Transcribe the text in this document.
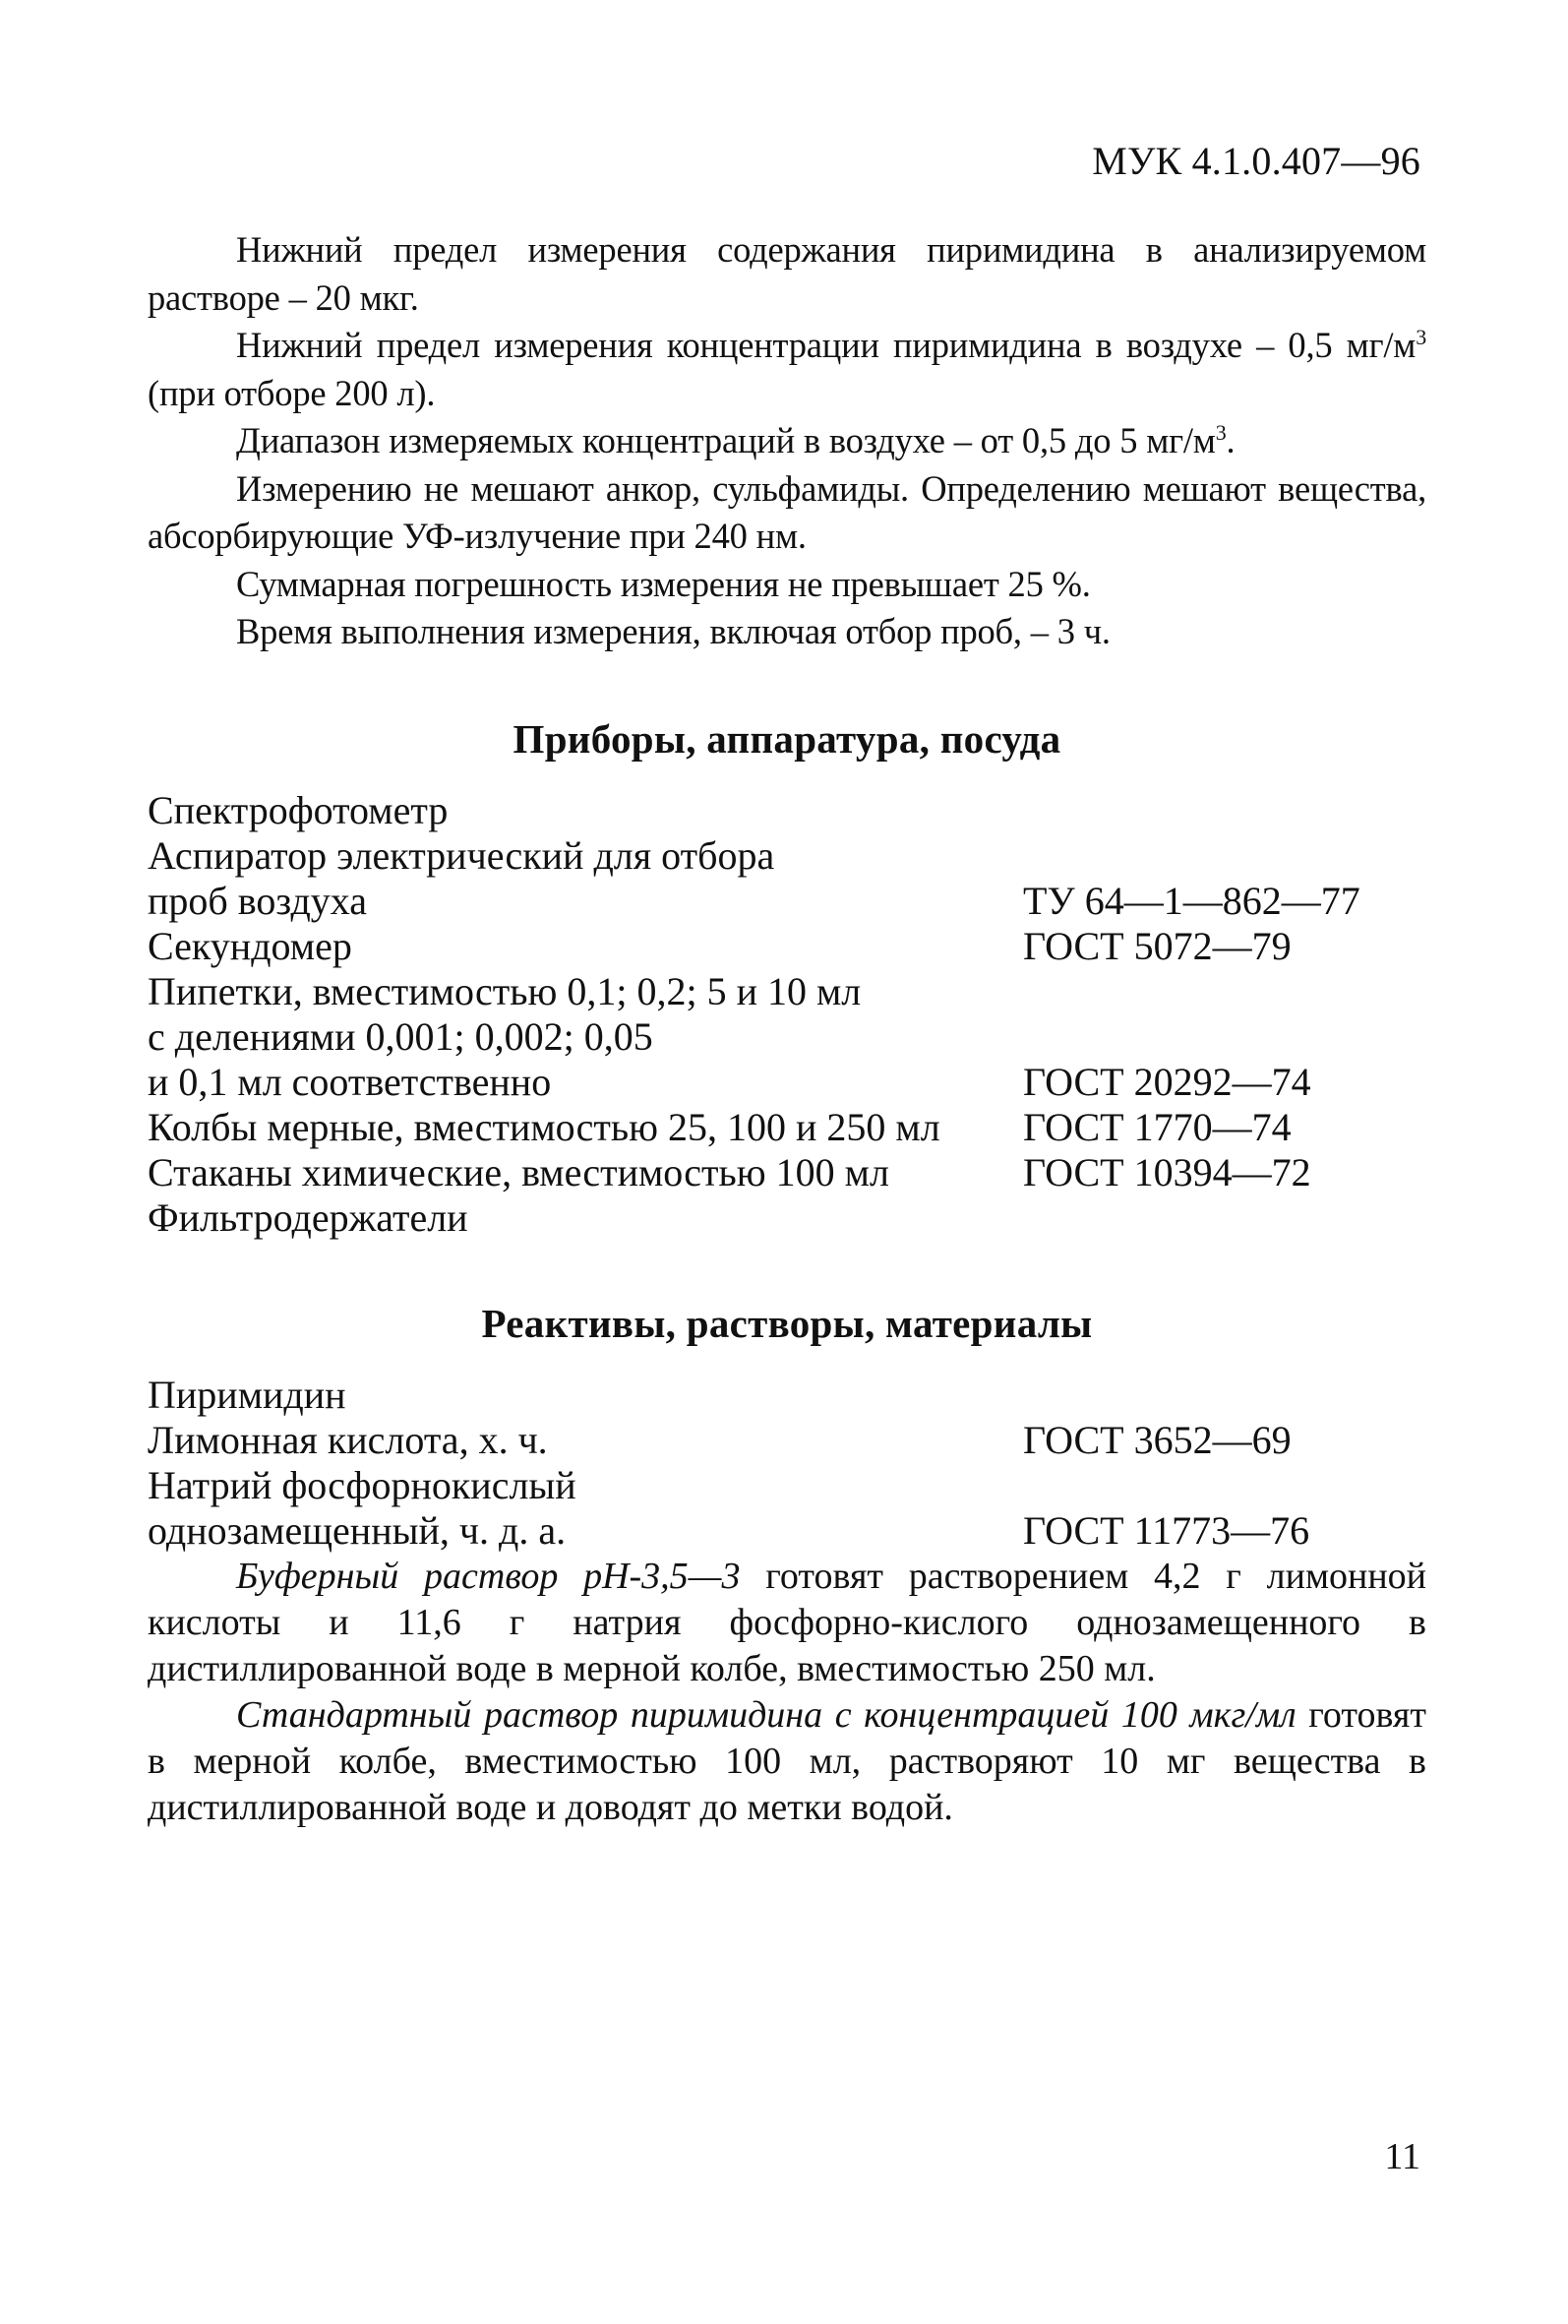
МУК 4.1.0.407—96

Нижний предел измерения содержания пиримидина в анализируемом растворе – 20 мкг.

Нижний предел измерения концентрации пиримидина в воздухе – 0,5 $мг/м^3$ (при отборе 200 л).

Диапазон измеряемых концентраций в воздухе – от 0,5 до 5 $мг/м^3$.

Измерению не мешают анкор, сульфамиды. Определению мешают вещества, абсорбирующие УФ-излучение при 240 нм.

Суммарная погрешность измерения не превышает 25 %.

Время выполнения измерения, включая отбор проб, – 3 ч.

Приборы, аппаратура, посуда
Спектрофотометр
Аспиратор электрический для отбора
проб воздуха	ТУ 64—1—862—77
Секундомер	ГОСТ 5072—79
Пипетки, вместимостью 0,1; 0,2; 5 и 10 мл
с делениями 0,001; 0,002; 0,05
и 0,1 мл соответственно	ГОСТ 20292—74
Колбы мерные, вместимостью 25, 100 и 250 мл	ГОСТ 1770—74
Стаканы химические, вместимостью 100 мл	ГОСТ 10394—72
Фильтродержатели
Реактивы, растворы, материалы
Пиримидин
Лимонная кислота, х. ч.	ГОСТ 3652—69
Натрий фосфорнокислый
однозамещенный, ч. д. а.	ГОСТ 11773—76

Буферный раствор рН-3,5—3 готовят растворением 4,2 г лимонной кислоты и 11,6 г натрия фосфорно-кислого однозамещенного в дистиллированной воде в мерной колбе, вместимостью 250 мл.

Стандартный раствор пиримидина с концентрацией 100 мкг/мл готовят в мерной колбе, вместимостью 100 мл, растворяют 10 мг вещества в дистиллированной воде и доводят до метки водой.

11
